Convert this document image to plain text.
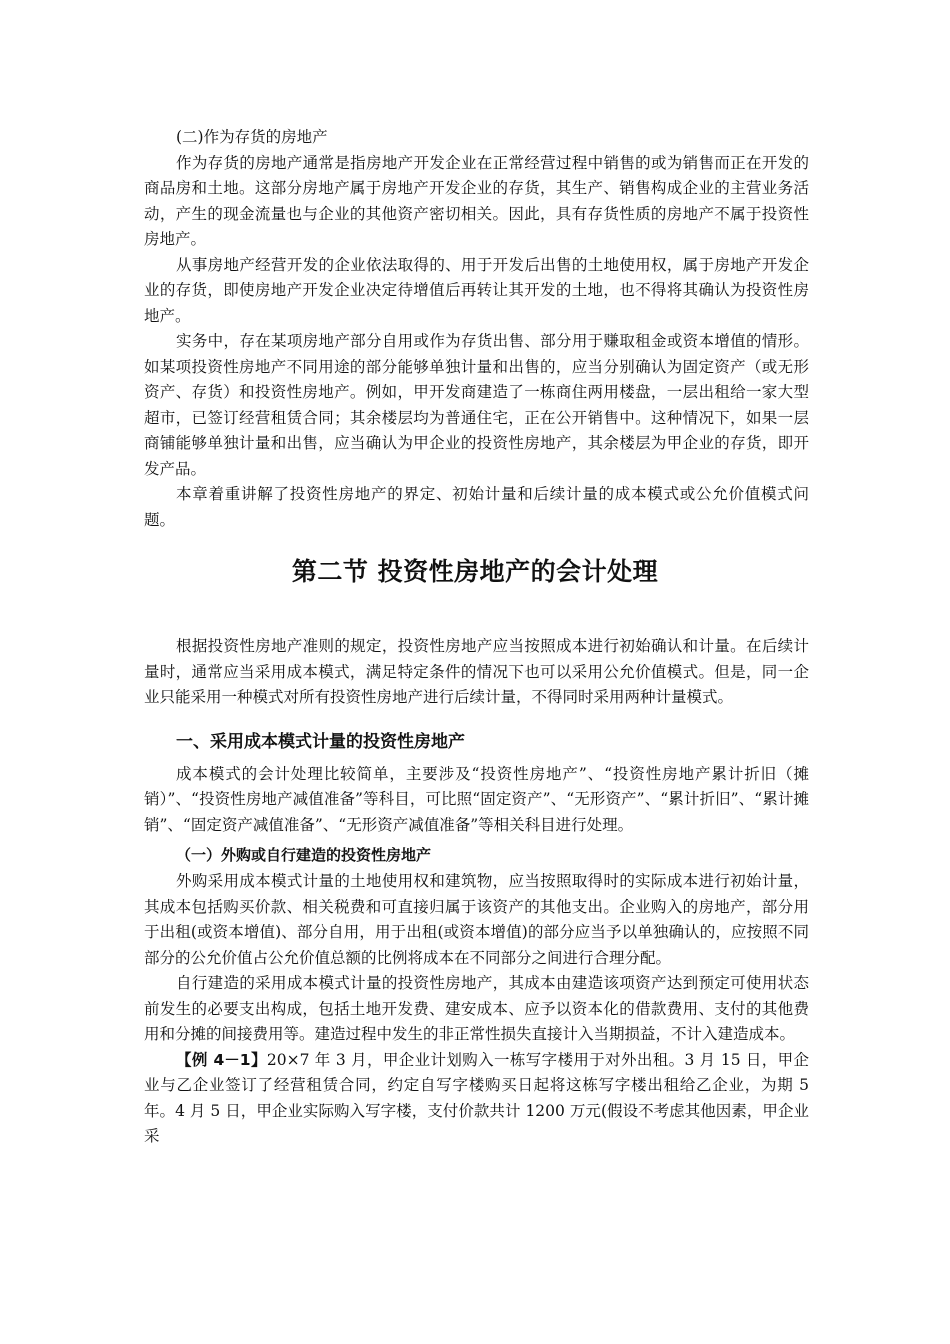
(二)作为存货的房地产

作为存货的房地产通常是指房地产开发企业在正常经营过程中销售的或为销售而正在开发的商品房和土地。这部分房地产属于房地产开发企业的存货，其生产、销售构成企业的主营业务活动，产生的现金流量也与企业的其他资产密切相关。因此，具有存货性质的房地产不属于投资性房地产。

从事房地产经营开发的企业依法取得的、用于开发后出售的土地使用权，属于房地产开发企业的存货，即使房地产开发企业决定待增值后再转让其开发的土地，也不得将其确认为投资性房地产。

实务中，存在某项房地产部分自用或作为存货出售、部分用于赚取租金或资本增值的情形。如某项投资性房地产不同用途的部分能够单独计量和出售的，应当分别确认为固定资产（或无形资产、存货）和投资性房地产。例如，甲开发商建造了一栋商住两用楼盘，一层出租给一家大型超市，已签订经营租赁合同；其余楼层均为普通住宅，正在公开销售中。这种情况下，如果一层商铺能够单独计量和出售，应当确认为甲企业的投资性房地产，其余楼层为甲企业的存货，即开发产品。

本章着重讲解了投资性房地产的界定、初始计量和后续计量的成本模式或公允价值模式问题。

第二节 投资性房地产的会计处理

根据投资性房地产准则的规定，投资性房地产应当按照成本进行初始确认和计量。在后续计量时，通常应当采用成本模式，满足特定条件的情况下也可以采用公允价值模式。但是，同一企业只能采用一种模式对所有投资性房地产进行后续计量，不得同时采用两种计量模式。

一、采用成本模式计量的投资性房地产

成本模式的会计处理比较简单，主要涉及“投资性房地产”、“投资性房地产累计折旧（摊销）”、“投资性房地产减值准备”等科目，可比照“固定资产”、“无形资产”、“累计折旧”、“累计摊销”、“固定资产减值准备”、“无形资产减值准备”等相关科目进行处理。

（一）外购或自行建造的投资性房地产

外购采用成本模式计量的土地使用权和建筑物，应当按照取得时的实际成本进行初始计量，其成本包括购买价款、相关税费和可直接归属于该资产的其他支出。企业购入的房地产，部分用于出租(或资本增值)、部分自用，用于出租(或资本增值)的部分应当予以单独确认的，应按照不同部分的公允价值占公允价值总额的比例将成本在不同部分之间进行合理分配。

自行建造的采用成本模式计量的投资性房地产，其成本由建造该项资产达到预定可使用状态前发生的必要支出构成，包括土地开发费、建安成本、应予以资本化的借款费用、支付的其他费用和分摊的间接费用等。建造过程中发生的非正常性损失直接计入当期损益，不计入建造成本。

【例 4－1】20×7 年 3 月，甲企业计划购入一栋写字楼用于对外出租。3 月 15 日，甲企业与乙企业签订了经营租赁合同，约定自写字楼购买日起将这栋写字楼出租给乙企业，为期 5 年。4 月 5 日，甲企业实际购入写字楼，支付价款共计 1200 万元(假设不考虑其他因素，甲企业采
